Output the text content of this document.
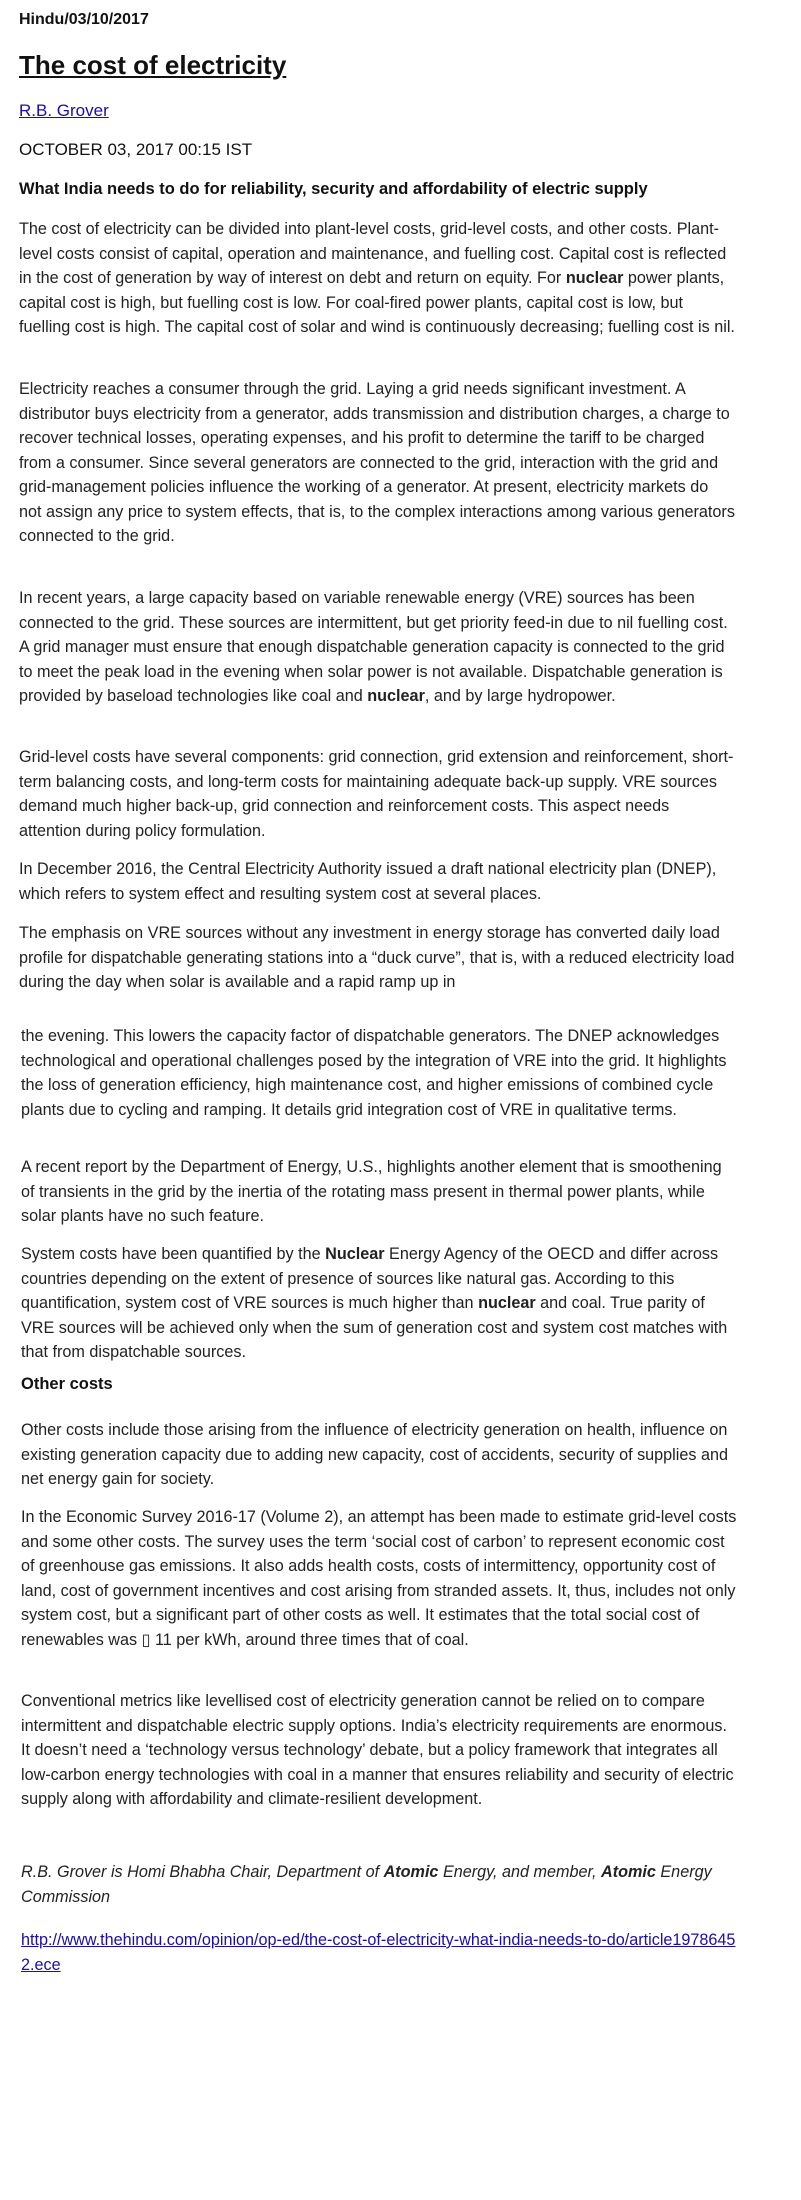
Hindu/03/10/2017
The cost of electricity
R.B. Grover
OCTOBER 03, 2017 00:15 IST
What India needs to do for reliability, security and affordability of electric supply

The cost of electricity can be divided into plant-level costs, grid-level costs, and other costs. Plant-level costs consist of capital, operation and maintenance, and fuelling cost. Capital cost is reflected in the cost of generation by way of interest on debt and return on equity. For nuclear power plants, capital cost is high, but fuelling cost is low. For coal-fired power plants, capital cost is low, but fuelling cost is high. The capital cost of solar and wind is continuously decreasing; fuelling cost is nil.

Electricity reaches a consumer through the grid. Laying a grid needs significant investment. A distributor buys electricity from a generator, adds transmission and distribution charges, a charge to recover technical losses, operating expenses, and his profit to determine the tariff to be charged from a consumer. Since several generators are connected to the grid, interaction with the grid and grid-management policies influence the working of a generator. At present, electricity markets do not assign any price to system effects, that is, to the complex interactions among various generators connected to the grid.

In recent years, a large capacity based on variable renewable energy (VRE) sources has been connected to the grid. These sources are intermittent, but get priority feed-in due to nil fuelling cost. A grid manager must ensure that enough dispatchable generation capacity is connected to the grid to meet the peak load in the evening when solar power is not available. Dispatchable generation is provided by baseload technologies like coal and nuclear, and by large hydropower.

Grid-level costs have several components: grid connection, grid extension and reinforcement, short-term balancing costs, and long-term costs for maintaining adequate back-up supply. VRE sources demand much higher back-up, grid connection and reinforcement costs. This aspect needs attention during policy formulation.

In December 2016, the Central Electricity Authority issued a draft national electricity plan (DNEP), which refers to system effect and resulting system cost at several places.

The emphasis on VRE sources without any investment in energy storage has converted daily load profile for dispatchable generating stations into a “duck curve”, that is, with a reduced electricity load during the day when solar is available and a rapid ramp up in

the evening. This lowers the capacity factor of dispatchable generators. The DNEP acknowledges technological and operational challenges posed by the integration of VRE into the grid. It highlights the loss of generation efficiency, high maintenance cost, and higher emissions of combined cycle plants due to cycling and ramping. It details grid integration cost of VRE in qualitative terms.

A recent report by the Department of Energy, U.S., highlights another element that is smoothening of transients in the grid by the inertia of the rotating mass present in thermal power plants, while solar plants have no such feature.

System costs have been quantified by the Nuclear Energy Agency of the OECD and differ across countries depending on the extent of presence of sources like natural gas. According to this quantification, system cost of VRE sources is much higher than nuclear and coal. True parity of VRE sources will be achieved only when the sum of generation cost and system cost matches with that from dispatchable sources.

Other costs

Other costs include those arising from the influence of electricity generation on health, influence on existing generation capacity due to adding new capacity, cost of accidents, security of supplies and net energy gain for society.

In the Economic Survey 2016-17 (Volume 2), an attempt has been made to estimate grid-level costs and some other costs. The survey uses the term ‘social cost of carbon’ to represent economic cost of greenhouse gas emissions. It also adds health costs, costs of intermittency, opportunity cost of land, cost of government incentives and cost arising from stranded assets. It, thus, includes not only system cost, but a significant part of other costs as well. It estimates that the total social cost of renewables was ▯ 11 per kWh, around three times that of coal.

Conventional metrics like levellised cost of electricity generation cannot be relied on to compare intermittent and dispatchable electric supply options. India’s electricity requirements are enormous. It doesn’t need a ‘technology versus technology’ debate, but a policy framework that integrates all low-carbon energy technologies with coal in a manner that ensures reliability and security of electric supply along with affordability and climate-resilient development.

R.B. Grover is Homi Bhabha Chair, Department of Atomic Energy, and member, Atomic Energy Commission

http://www.thehindu.com/opinion/op-ed/the-cost-of-electricity-what-india-needs-to-do/article19786452.ece
